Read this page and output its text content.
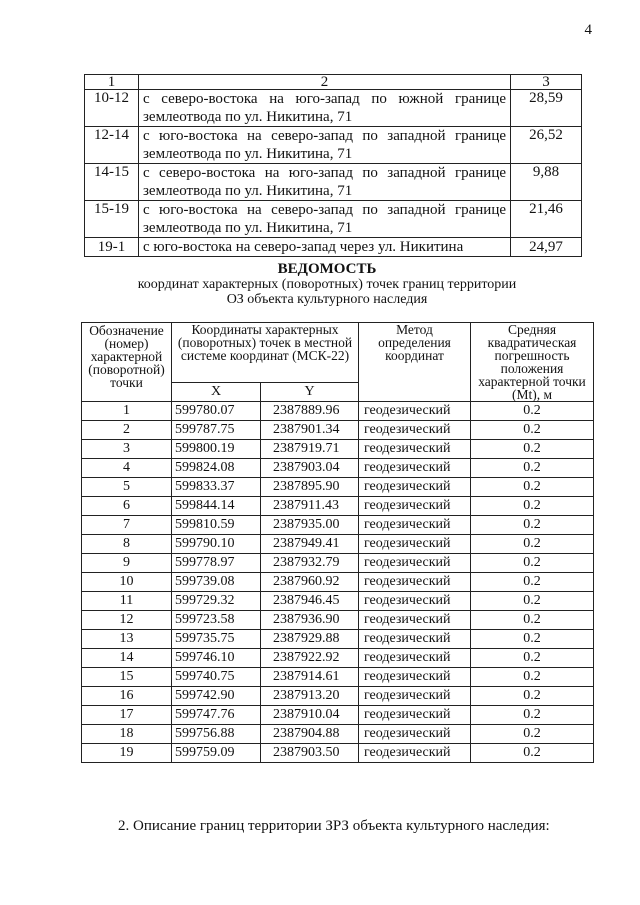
4
1	2	3
10-12	с северо-востока на юго-запад по южной границе землеотвода по ул. Никитина, 71	28,59
12-14	с юго-востока на северо-запад по западной границе землеотвода по ул. Никитина, 71	26,52
14-15	с северо-востока на юго-запад по западной границе землеотвода по ул. Никитина, 71	9,88
15-19	с юго-востока на северо-запад по западной границе землеотвода по ул. Никитина, 71	21,46
19-1	с юго-востока на северо-запад через ул. Никитина	24,97
ВЕДОМОСТЬ
координат характерных (поворотных) точек границ территории
ОЗ объекта культурного наследия
Обозначение (номер) характерной (поворотной) точки	Координаты характерных (поворотных) точек в местной системе координат (МСК-22)		Метод определения координат	Средняя квадратическая погрешность положения характерной точки (Mt), м
	X	Y		
1	599780.07	2387889.96	геодезический	0.2
2	599787.75	2387901.34	геодезический	0.2
3	599800.19	2387919.71	геодезический	0.2
4	599824.08	2387903.04	геодезический	0.2
5	599833.37	2387895.90	геодезический	0.2
6	599844.14	2387911.43	геодезический	0.2
7	599810.59	2387935.00	геодезический	0.2
8	599790.10	2387949.41	геодезический	0.2
9	599778.97	2387932.79	геодезический	0.2
10	599739.08	2387960.92	геодезический	0.2
11	599729.32	2387946.45	геодезический	0.2
12	599723.58	2387936.90	геодезический	0.2
13	599735.75	2387929.88	геодезический	0.2
14	599746.10	2387922.92	геодезический	0.2
15	599740.75	2387914.61	геодезический	0.2
16	599742.90	2387913.20	геодезический	0.2
17	599747.76	2387910.04	геодезический	0.2
18	599756.88	2387904.88	геодезический	0.2
19	599759.09	2387903.50	геодезический	0.2
2. Описание границ территории ЗРЗ объекта культурного наследия:
